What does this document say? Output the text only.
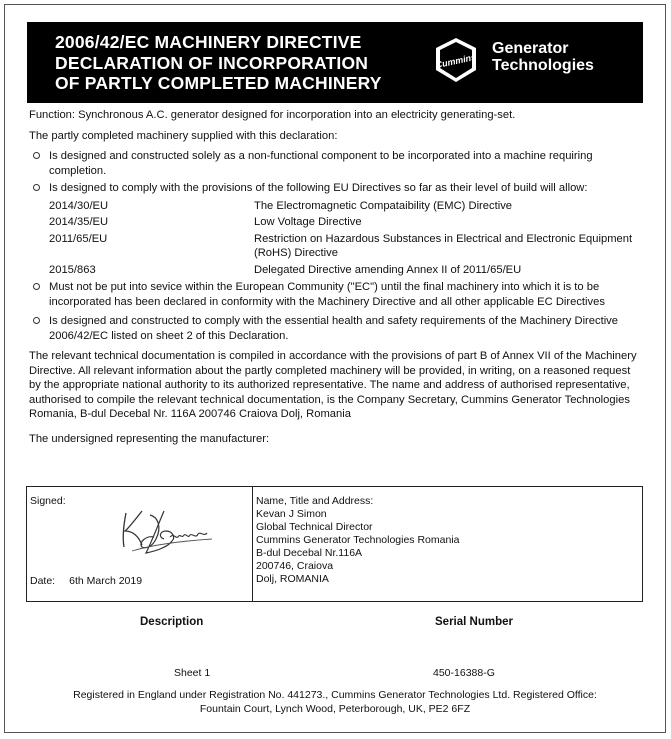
2006/42/EC MACHINERY DIRECTIVE
DECLARATION OF INCORPORATION
OF PARTLY COMPLETED MACHINERY
Cummins
Generator
Technologies

Function: Synchronous A.C. generator designed for incorporation into an electricity generating-set.

The partly completed machinery supplied with this declaration:

Is designed and constructed solely as a non-functional component to be incorporated into a machine requiring completion.
Is designed to comply with the provisions of the following EU Directives so far as their level of build will allow:
2014/30/EU	The Electromagnetic Compataibility (EMC) Directive
2014/35/EU	Low Voltage Directive
2011/65/EU	Restriction on Hazardous Substances in Electrical and Electronic Equipment (RoHS) Directive
2015/863	Delegated Directive amending Annex II of 2011/65/EU
Must not be put into sevice within the European Community ("EC") until the final machinery into which it is to be incorporated has been declared in conformity with the Machinery Directive and all other applicable EC Directives
Is designed and constructed to comply with the essential health and safety requirements of the Machinery Directive 2006/42/EC listed on sheet 2 of this Declaration.

The relevant technical documentation is compiled in accordance with the provisions of part B of Annex VII of the Machinery Directive. All relevant information about the partly completed machinery will be provided, in writing, on a reasoned request by the appropriate national authority to its authorized representative. The name and address of authorised representative, authorised to compile the relevant technical documentation, is the Company Secretary, Cummins Generator Technologies Romania, B-dul Decebal Nr. 116A 200746 Craiova Dolj, Romania

The undersigned representing the manufacturer:

Signed:
Date: 6th March 2019
Name, Title and Address:
Kevan J Simon
Global Technical Director
Cummins Generator Technologies Romania
B-dul Decebal Nr.116A
200746, Craiova
Dolj, ROMANIA
Description	Serial Number
Sheet 1	450-16388-G
Registered in England under Registration No. 441273., Cummins Generator Technologies Ltd. Registered Office:
Fountain Court, Lynch Wood, Peterborough, UK, PE2 6FZ
